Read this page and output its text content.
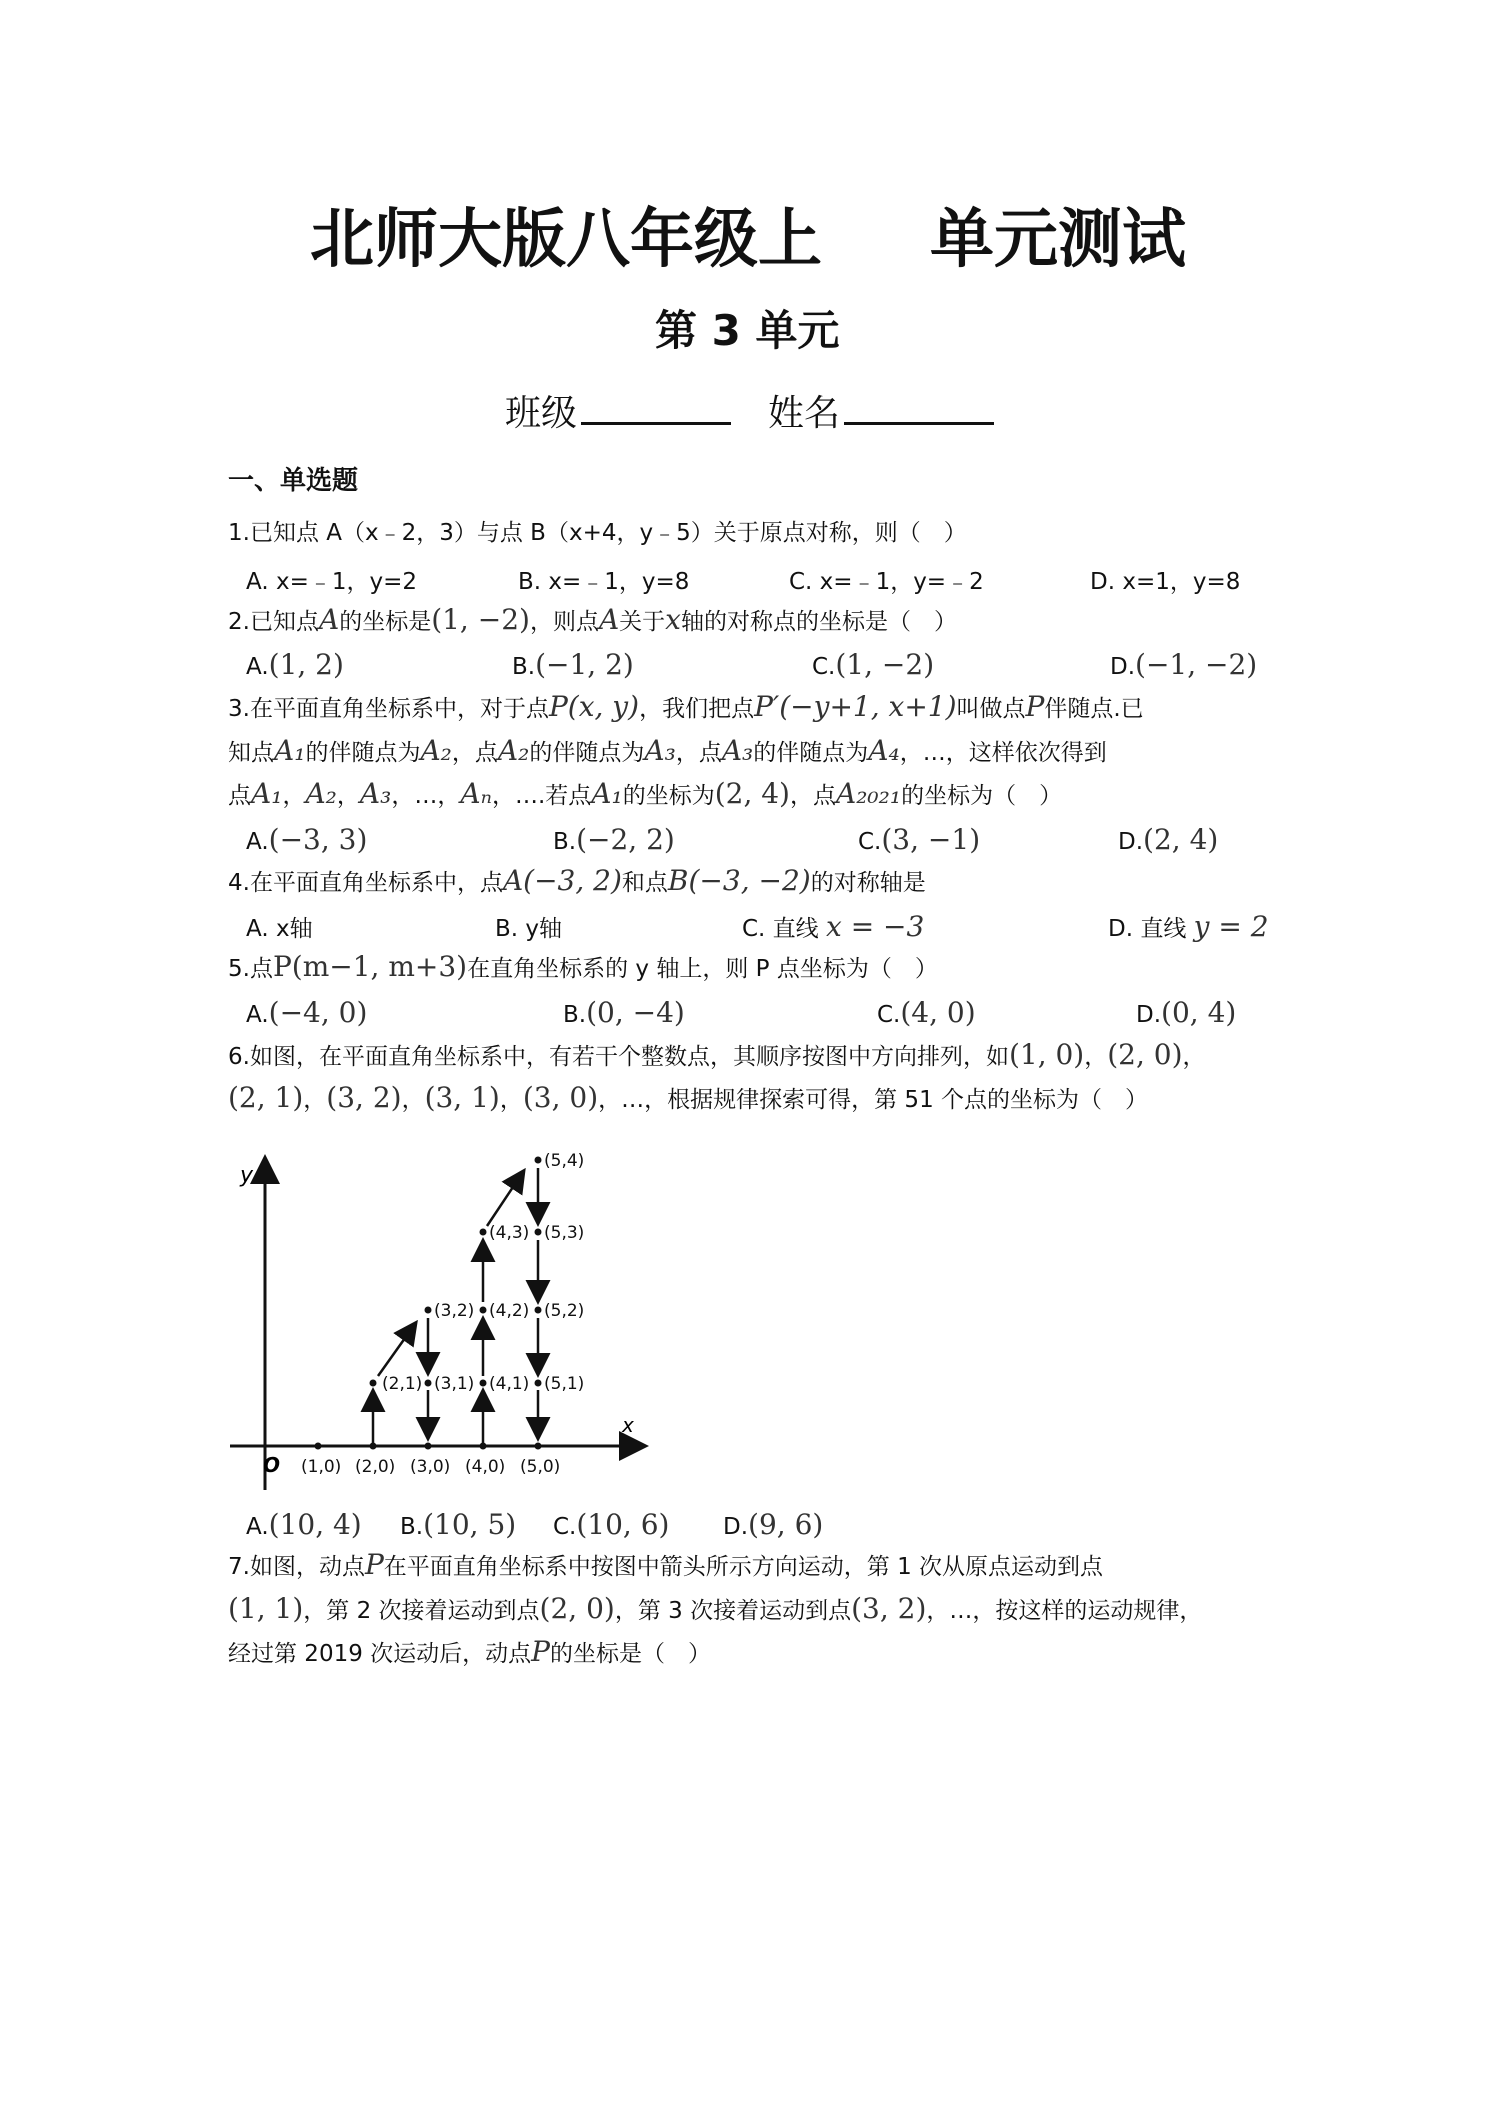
北师大版八年级上 单元测试
第 3 单元
班级	姓名
一、单选题
1.已知点 A（x﹣2，3）与点 B（x+4，y﹣5）关于原点对称，则（　）
A. x=﹣1，y=2	B. x=﹣1，y=8	C. x=﹣1，y=﹣2	D. x=1，y=8
2.已知点A的坐标是(1, −2)，则点A关于x轴的对称点的坐标是（　）
A.(1, 2)	B.(−1, 2)	C.(1, −2)	D.(−1, −2)
3.在平面直角坐标系中，对于点P(x, y)，我们把点P′(−y+1, x+1)叫做点P伴随点.已
知点A₁的伴随点为A₂，点A₂的伴随点为A₃，点A₃的伴随点为A₄，…，这样依次得到
点A₁，A₂，A₃，…，Aₙ，….若点A₁的坐标为(2, 4)，点A₂₀₂₁的坐标为（　）
A.(−3, 3)	B.(−2, 2)	C.(3, −1)	D.(2, 4)
4.在平面直角坐标系中，点A(−3, 2)和点B(−3, −2)的对称轴是
A. x轴	B. y轴	C. 直线 x = −3	D. 直线 y = 2
5.点P(m−1, m+3)在直角坐标系的 y 轴上，则 P 点坐标为（　）
A.(−4, 0)	B.(0, −4)	C.(4, 0)	D.(0, 4)
6.如图，在平面直角坐标系中，有若干个整数点，其顺序按图中方向排列，如(1, 0)，(2, 0)，
(2, 1)，(3, 2)，(3, 1)，(3, 0)，…，根据规律探索可得，第 51 个点的坐标为（　）
x
y
O (1,0) (2,0) (3,0) (4,0) (5,0)
(2,1) (3,1) (4,1) (5,1)
(3,2) (4,2) (5,2)
(4,3) (5,3)
(5,4)
A.(10, 4) B.(10, 5) C.(10, 6) D.(9, 6)
7.如图，动点P在平面直角坐标系中按图中箭头所示方向运动，第 1 次从原点运动到点
(1, 1)，第 2 次接着运动到点(2, 0)，第 3 次接着运动到点(3, 2)，…，按这样的运动规律，
经过第 2019 次运动后，动点P的坐标是（　）
